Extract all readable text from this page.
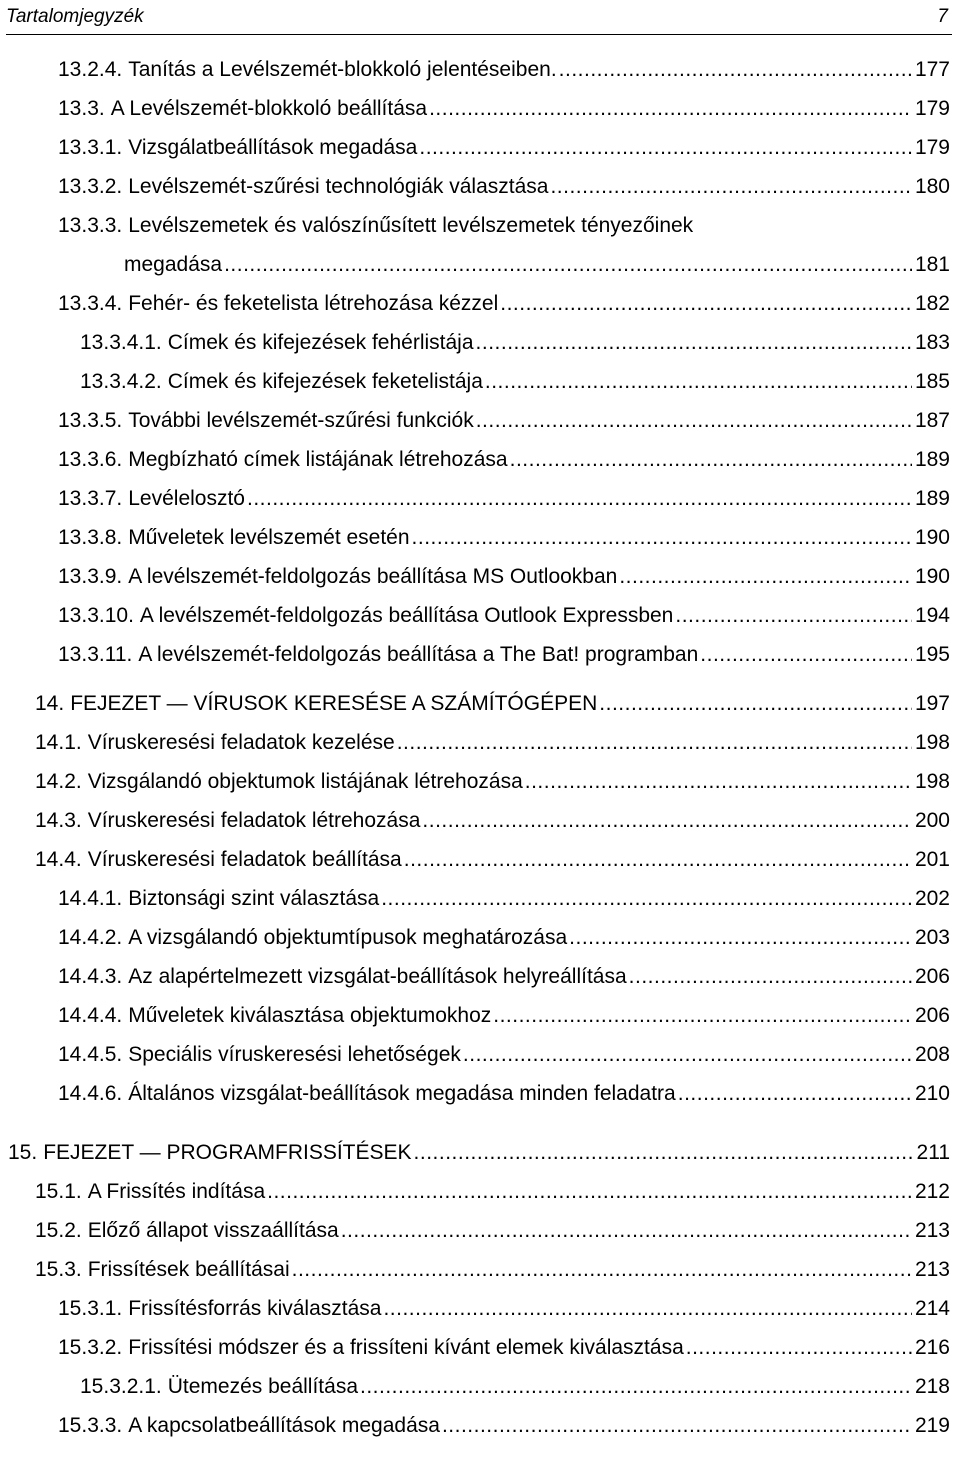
Tartalomjegyzék	7
13.2.4. Tanítás a Levélszemét-blokkoló jelentéseiben. .....	177
13.3. A Levélszemét-blokkoló beállítása .....	179
13.3.1. Vizsgálatbeállítások megadása .....	179
13.3.2. Levélszemét-szűrési technológiák választása .....	180
13.3.3. Levélszemetek és valószínűsített levélszemetek tényezőinek
megadása .....	181
13.3.4. Fehér- és feketelista létrehozása kézzel .....	182
13.3.4.1. Címek és kifejezések fehérlistája .....	183
13.3.4.2. Címek és kifejezések feketelistája .....	185
13.3.5. További levélszemét-szűrési funkciók .....	187
13.3.6. Megbízható címek listájának létrehozása .....	189
13.3.7. Levélelosztó .....	189
13.3.8. Műveletek levélszemét esetén .....	190
13.3.9. A levélszemét-feldolgozás beállítása MS Outlookban .....	190
13.3.10. A levélszemét-feldolgozás beállítása Outlook Expressben .....	194
13.3.11. A levélszemét-feldolgozás beállítása a The Bat! programban .....	195
14. FEJEZET — VÍRUSOK KERESÉSE A SZÁMÍTÓGÉPEN .....	197
14.1. Víruskeresési feladatok kezelése .....	198
14.2. Vizsgálandó objektumok listájának létrehozása .....	198
14.3. Víruskeresési feladatok létrehozása .....	200
14.4. Víruskeresési feladatok beállítása .....	201
14.4.1. Biztonsági szint választása .....	202
14.4.2. A vizsgálandó objektumtípusok meghatározása .....	203
14.4.3. Az alapértelmezett vizsgálat-beállítások helyreállítása .....	206
14.4.4. Műveletek kiválasztása objektumokhoz .....	206
14.4.5. Speciális víruskeresési lehetőségek .....	208
14.4.6. Általános vizsgálat-beállítások megadása minden feladatra .....	210
15. FEJEZET — PROGRAMFRISSÍTÉSEK .....	211
15.1. A Frissítés indítása .....	212
15.2. Előző állapot visszaállítása .....	213
15.3. Frissítések beállításai .....	213
15.3.1. Frissítésforrás kiválasztása .....	214
15.3.2. Frissítési módszer és a frissíteni kívánt elemek kiválasztása .....	216
15.3.2.1. Ütemezés beállítása .....	218
15.3.3. A kapcsolatbeállítások megadása .....	219
